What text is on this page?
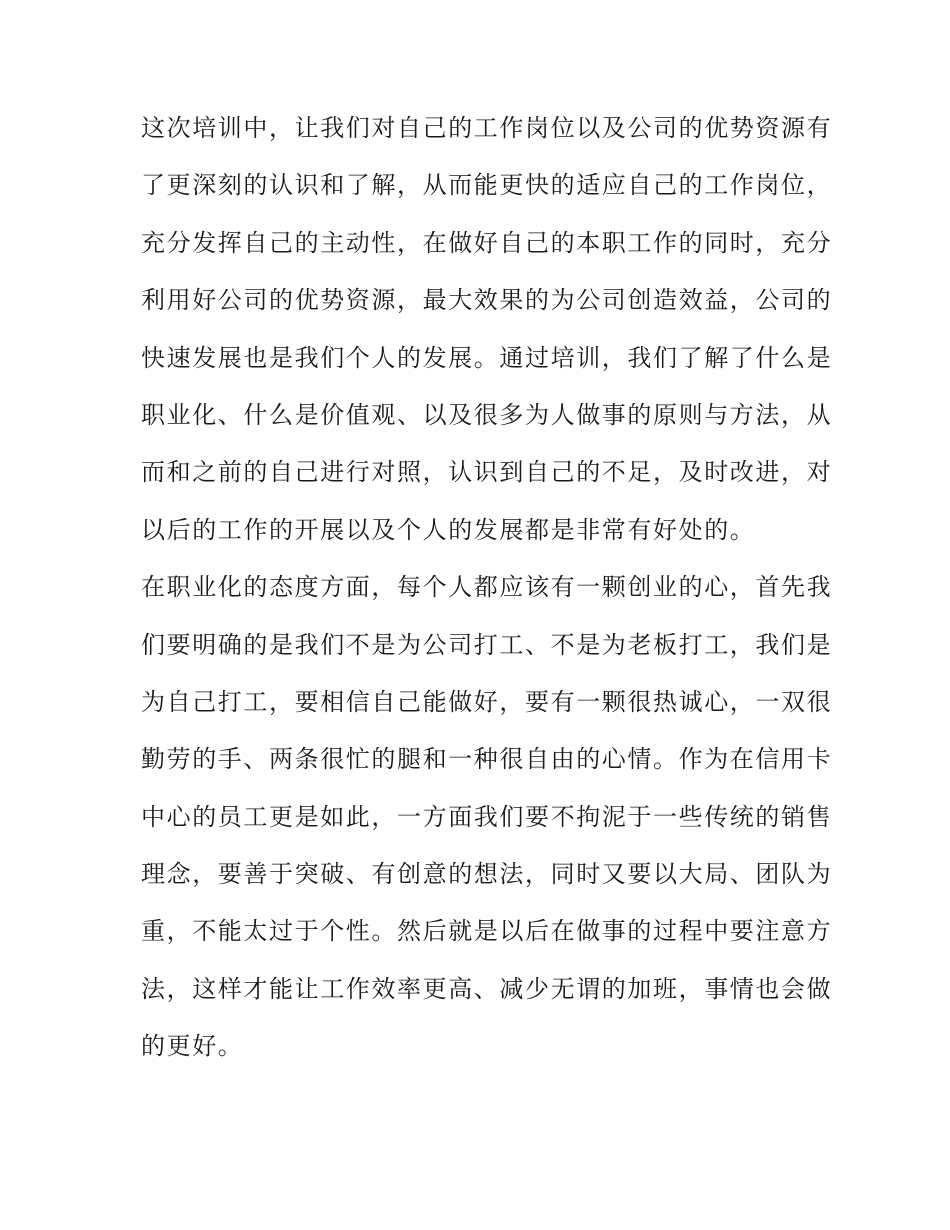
这次培训中，让我们对自己的工作岗位以及公司的优势资源有
了更深刻的认识和了解，从而能更快的适应自己的工作岗位，
充分发挥自己的主动性，在做好自己的本职工作的同时，充分
利用好公司的优势资源，最大效果的为公司创造效益，公司的
快速发展也是我们个人的发展。通过培训，我们了解了什么是
职业化、什么是价值观、以及很多为人做事的原则与方法，从
而和之前的自己进行对照，认识到自己的不足，及时改进，对
以后的工作的开展以及个人的发展都是非常有好处的。
在职业化的态度方面，每个人都应该有一颗创业的心，首先我
们要明确的是我们不是为公司打工、不是为老板打工，我们是
为自己打工，要相信自己能做好，要有一颗很热诚心，一双很
勤劳的手、两条很忙的腿和一种很自由的心情。作为在信用卡
中心的员工更是如此，一方面我们要不拘泥于一些传统的销售
理念，要善于突破、有创意的想法，同时又要以大局、团队为
重，不能太过于个性。然后就是以后在做事的过程中要注意方
法，这样才能让工作效率更高、减少无谓的加班，事情也会做
的更好。
